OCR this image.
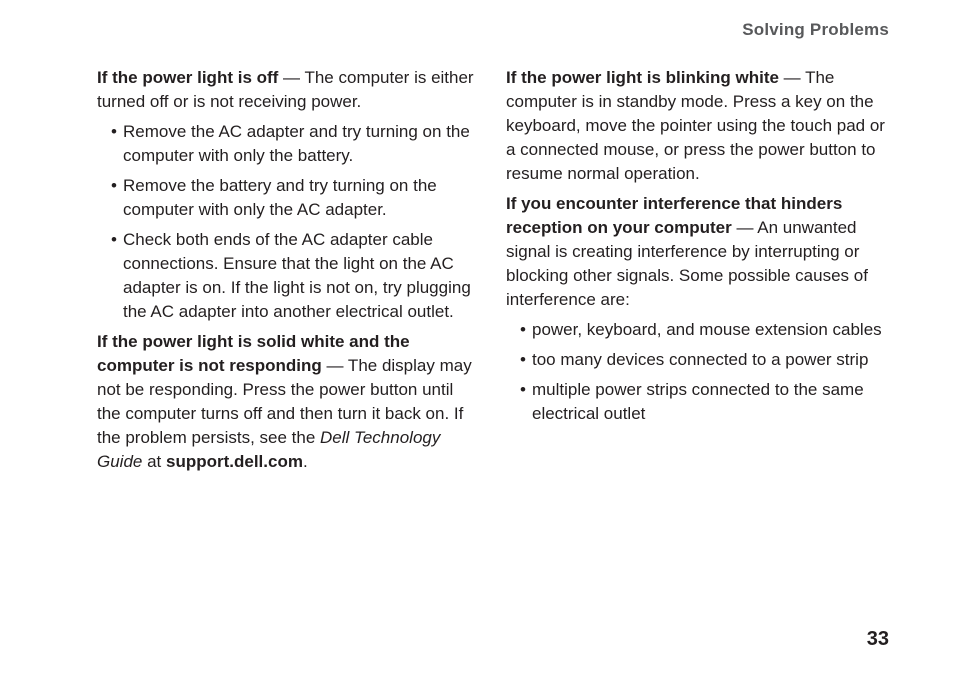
Solving Problems

If the power light is off — The computer is either turned off or is not receiving power.

• Remove the AC adapter and try turning on the computer with only the battery.
• Remove the battery and try turning on the computer with only the AC adapter.
• Check both ends of the AC adapter cable connections. Ensure that the light on the AC adapter is on. If the light is not on, try plugging the AC adapter into another electrical outlet.

If the power light is solid white and the computer is not responding — The display may not be responding. Press the power button until the computer turns off and then turn it back on. If the problem persists, see the Dell Technology Guide at support.dell.com.

If the power light is blinking white — The computer is in standby mode. Press a key on the keyboard, move the pointer using the touch pad or a connected mouse, or press the power button to resume normal operation.

If you encounter interference that hinders reception on your computer — An unwanted signal is creating interference by interrupting or blocking other signals. Some possible causes of interference are:

• power, keyboard, and mouse extension cables
• too many devices connected to a power strip
• multiple power strips connected to the same electrical outlet
33
